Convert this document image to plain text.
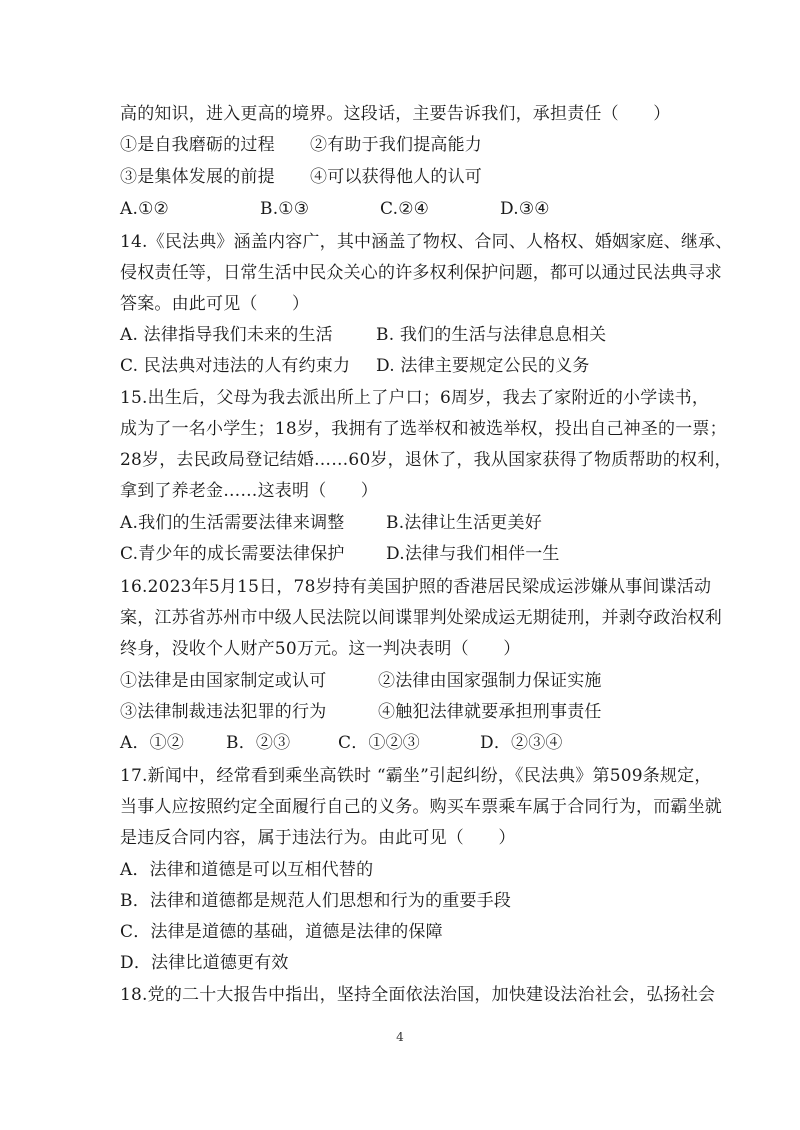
高的知识，进入更高的境界。这段话，主要告诉我们，承担责任（　　）
①是自我磨砺的过程 ②有助于我们提高能力
③是集体发展的前提 ④可以获得他人的认可
A.①②	B.①③	C.②④	D.③④
14.《民法典》涵盖内容广，其中涵盖了物权、合同、人格权、婚姻家庭、继承、
侵权责任等，日常生活中民众关心的许多权利保护问题，都可以通过民法典寻求
答案。由此可见（　　）
A. 法律指导我们未来的生活	B. 我们的生活与法律息息相关
C. 民法典对违法的人有约束力 D. 法律主要规定公民的义务
15.出生后，父母为我去派出所上了户口；6周岁，我去了家附近的小学读书，
成为了一名小学生；18岁，我拥有了选举权和被选举权，投出自己神圣的一票；
28岁，去民政局登记结婚……60岁，退休了，我从国家获得了物质帮助的权利，
拿到了养老金……这表明（　　）
A.我们的生活需要法律来调整 B.法律让生活更美好
C.青少年的成长需要法律保护 D.法律与我们相伴一生
16.2023年5月15日，78岁持有美国护照的香港居民梁成运涉嫌从事间谍活动
案，江苏省苏州市中级人民法院以间谍罪判处梁成运无期徒刑，并剥夺政治权利
终身，没收个人财产50万元。这一判决表明（　　）
①法律是由国家制定或认可	②法律由国家强制力保证实施
③法律制裁违法犯罪的行为	④触犯法律就要承担刑事责任
A．①② B．②③	C．①②③	D．②③④
17.新闻中，经常看到乘坐高铁时 “霸坐”引起纠纷，《民法典》第509条规定，
当事人应按照约定全面履行自己的义务。购买车票乘车属于合同行为，而霸坐就
是违反合同内容，属于违法行为。由此可见（　　）
A．法律和道德是可以互相代替的
B．法律和道德都是规范人们思想和行为的重要手段
C．法律是道德的基础，道德是法律的保障
D．法律比道德更有效
18.党的二十大报告中指出，坚持全面依法治国，加快建设法治社会，弘扬社会
4
